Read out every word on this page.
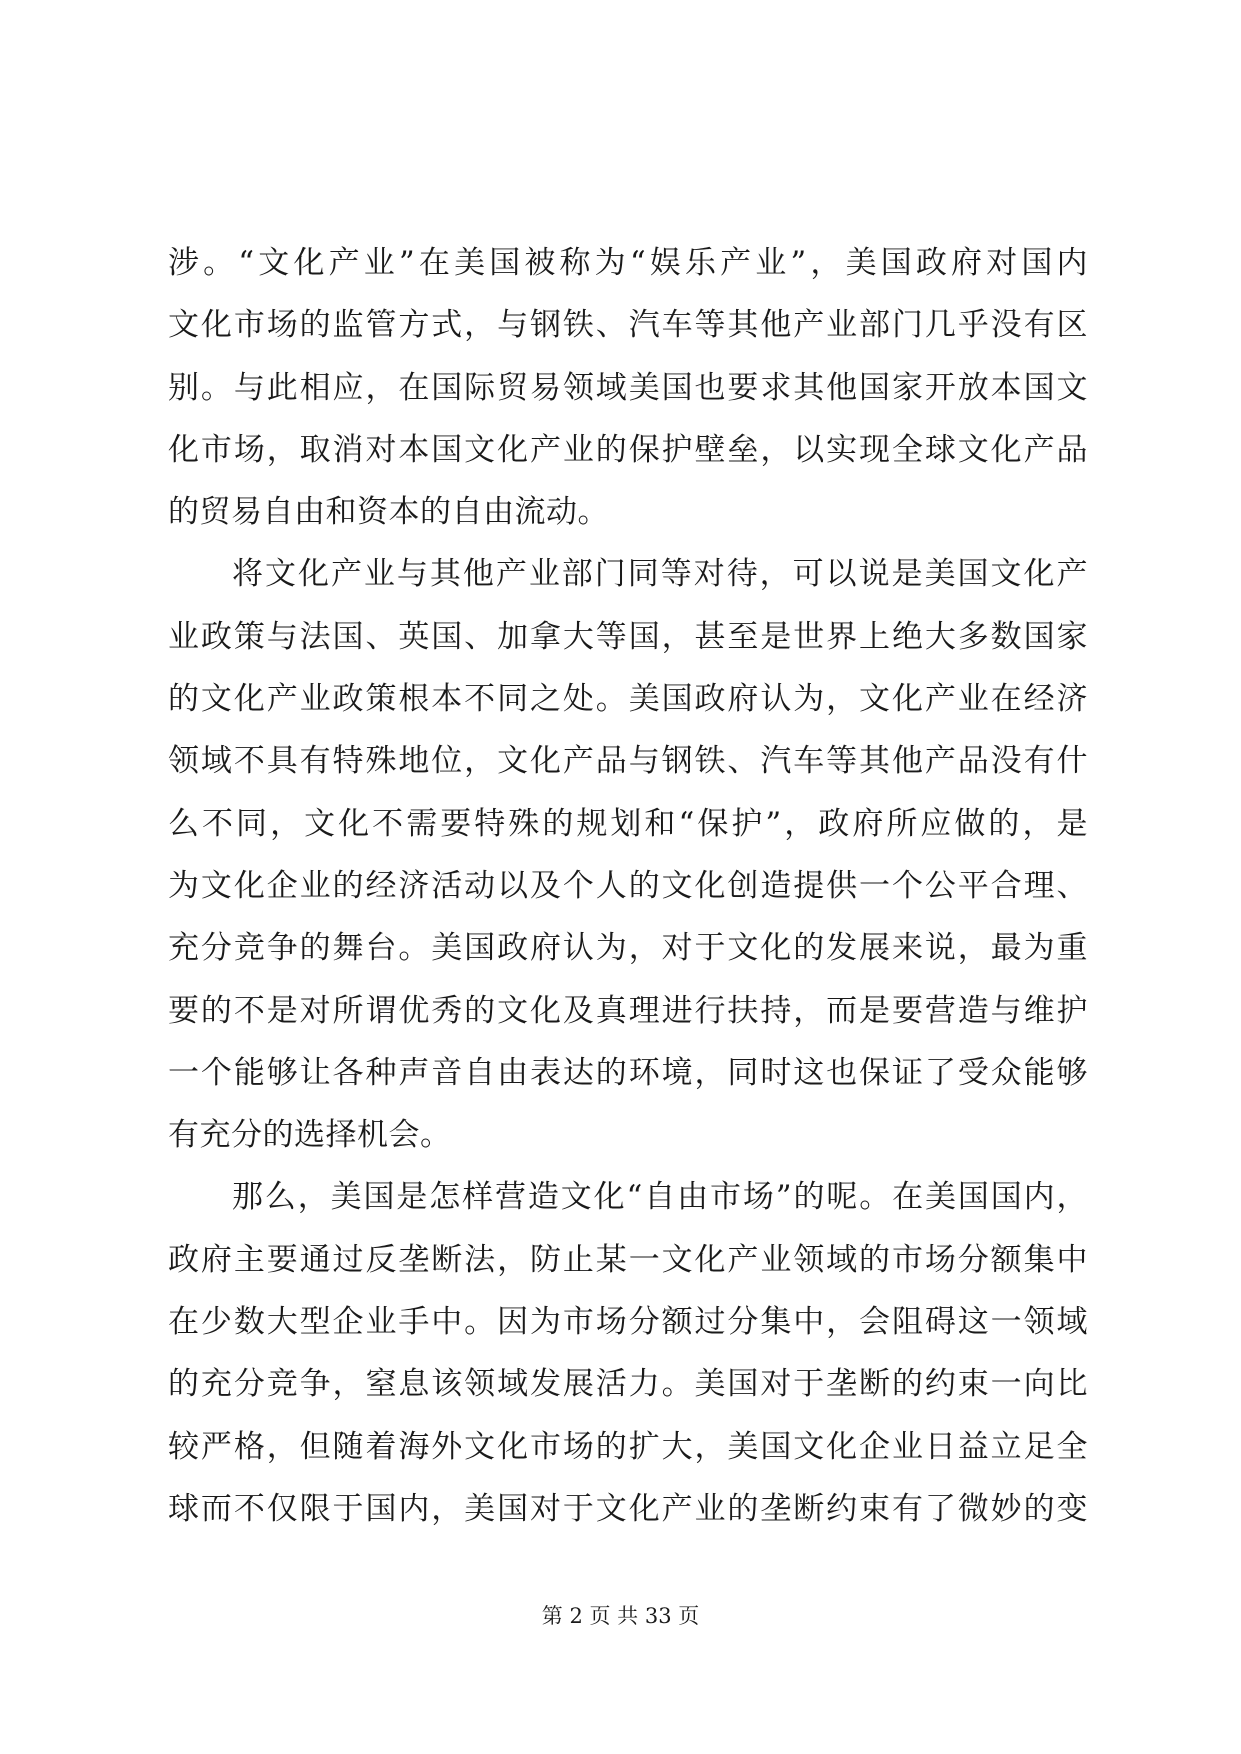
涉。“文化产业”在美国被称为“娱乐产业”，美国政府对国内
文化市场的监管方式，与钢铁、汽车等其他产业部门几乎没有区
别。与此相应，在国际贸易领域美国也要求其他国家开放本国文
化市场，取消对本国文化产业的保护壁垒，以实现全球文化产品
的贸易自由和资本的自由流动。
将文化产业与其他产业部门同等对待，可以说是美国文化产
业政策与法国、英国、加拿大等国，甚至是世界上绝大多数国家
的文化产业政策根本不同之处。美国政府认为，文化产业在经济
领域不具有特殊地位，文化产品与钢铁、汽车等其他产品没有什
么不同，文化不需要特殊的规划和“保护”，政府所应做的，是
为文化企业的经济活动以及个人的文化创造提供一个公平合理、
充分竞争的舞台。美国政府认为，对于文化的发展来说，最为重
要的不是对所谓优秀的文化及真理进行扶持，而是要营造与维护
一个能够让各种声音自由表达的环境，同时这也保证了受众能够
有充分的选择机会。
那么，美国是怎样营造文化“自由市场”的呢。在美国国内，
政府主要通过反垄断法，防止某一文化产业领域的市场分额集中
在少数大型企业手中。因为市场分额过分集中，会阻碍这一领域
的充分竞争，窒息该领域发展活力。美国对于垄断的约束一向比
较严格，但随着海外文化市场的扩大，美国文化企业日益立足全
球而不仅限于国内，美国对于文化产业的垄断约束有了微妙的变
第 2 页 共 33 页
